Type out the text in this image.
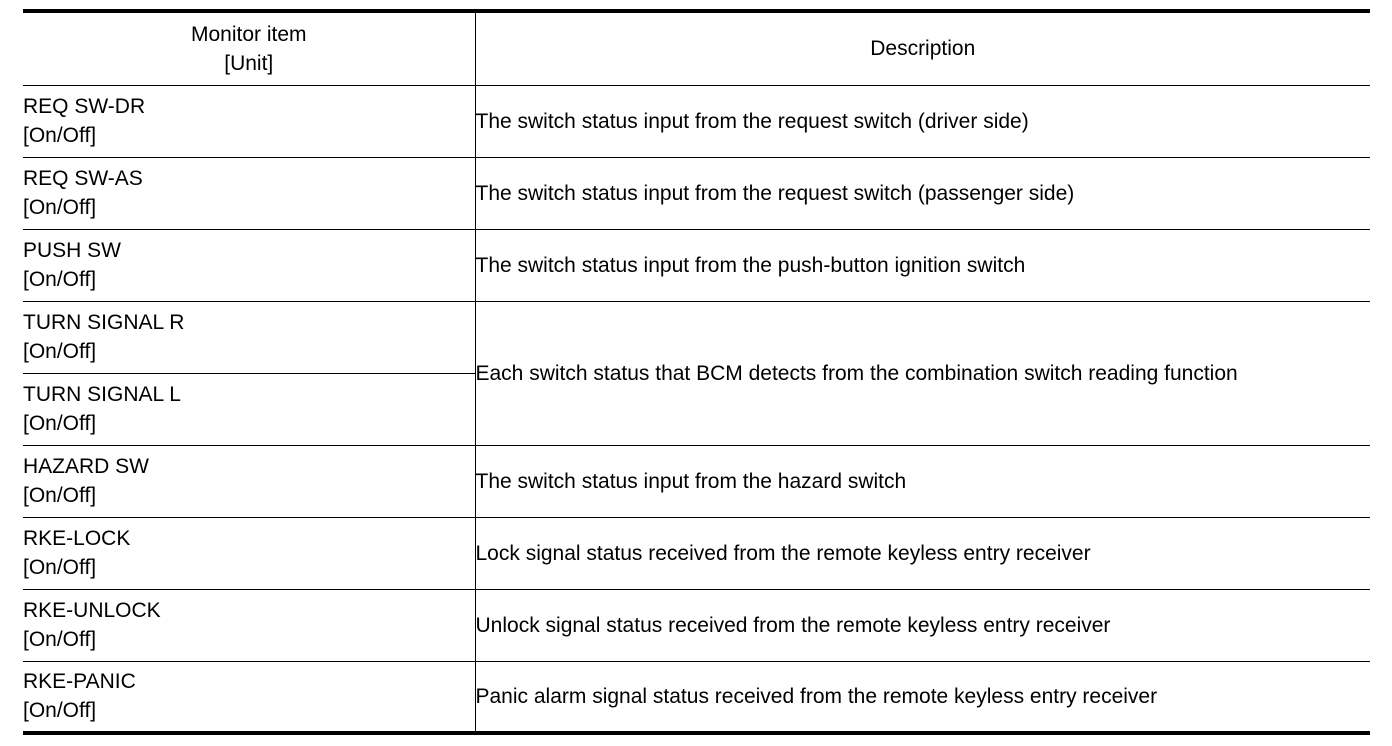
Monitor item
[Unit]	Description

REQ SW-DR
[On/Off]	The switch status input from the request switch (driver side)

REQ SW-AS
[On/Off]	The switch status input from the request switch (passenger side)

PUSH SW
[On/Off]	The switch status input from the push-button ignition switch

TURN SIGNAL R
[On/Off]	Each switch status that BCM detects from the combination switch reading function

TURN SIGNAL L
[On/Off]	

HAZARD SW
[On/Off]	The switch status input from the hazard switch

RKE-LOCK
[On/Off]	Lock signal status received from the remote keyless entry receiver

RKE-UNLOCK
[On/Off]	Unlock signal status received from the remote keyless entry receiver

RKE-PANIC
[On/Off]	Panic alarm signal status received from the remote keyless entry receiver
